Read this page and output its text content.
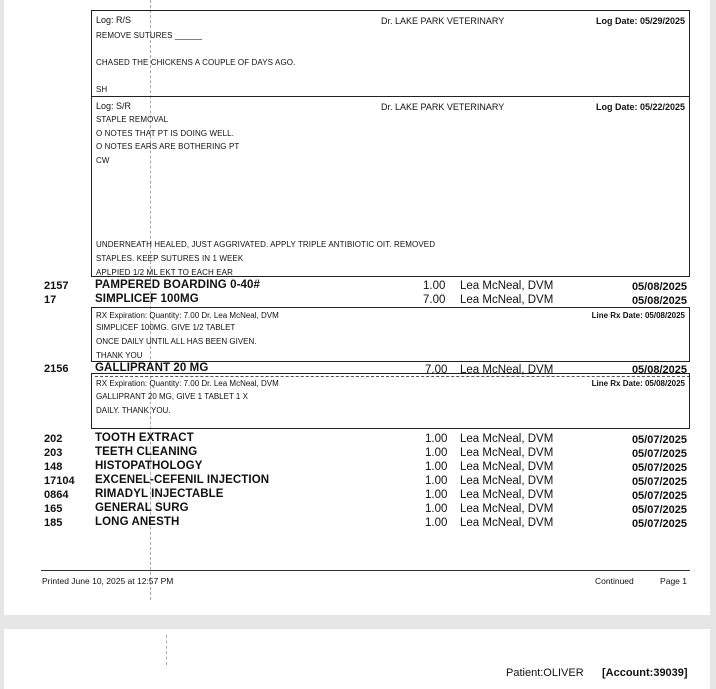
Log: R/S	Dr. LAKE PARK VETERINARY	Log Date: 05/29/2025
REMOVE SUTURES ______
CHASED THE CHICKENS A COUPLE OF DAYS AGO.
SH
Log: S/R	Dr. LAKE PARK VETERINARY	Log Date: 05/22/2025
STAPLE REMOVAL
O NOTES THAT PT IS DOING WELL.
O NOTES EARS ARE BOTHERING PT
CW
UNDERNEATH HEALED, JUST AGGRIVATED. APPLY TRIPLE ANTIBIOTIC OIT. REMOVED
STAPLES. KEEP SUTURES IN 1 WEEK
APLPIED 1/2 ML EKT TO EACH EAR
2157 PAMPERED BOARDING 0-40#	1.00 Lea McNeal, DVM	05/08/2025
17	SIMPLICEF 100MG	7.00 Lea McNeal, DVM	05/08/2025
RX Expiration: Quantity: 7.00 Dr. Lea McNeal, DVM	Line Rx Date: 05/08/2025
SIMPLICEF 100MG. GIVE 1/2 TABLET
ONCE DAILY UNTIL ALL HAS BEEN GIVEN.
THANK YOU
2156 GALLIPRANT 20 MG	7.00 Lea McNeal, DVM	05/08/2025
RX Expiration: Quantity: 7.00 Dr. Lea McNeal, DVM	Line Rx Date: 05/08/2025
GALLIPRANT 20 MG, GIVE 1 TABLET 1 X
DAILY. THANK YOU.
202	TOOTH EXTRACT	1.00 Lea McNeal, DVM	05/07/2025
203	TEETH CLEANING	1.00 Lea McNeal, DVM	05/07/2025
148	HISTOPATHOLOGY	1.00 Lea McNeal, DVM	05/07/2025
17104 EXCENEL-CEFENIL INJECTION	1.00 Lea McNeal, DVM	05/07/2025
0864 RIMADYL INJECTABLE	1.00 Lea McNeal, DVM	05/07/2025
165	GENERAL SURG	1.00 Lea McNeal, DVM	05/07/2025
185	LONG ANESTH	1.00 Lea McNeal, DVM	05/07/2025
Printed June 10, 2025 at 12:57 PM	Continued	Page 1
Patient:OLIVER [Account:39039]
